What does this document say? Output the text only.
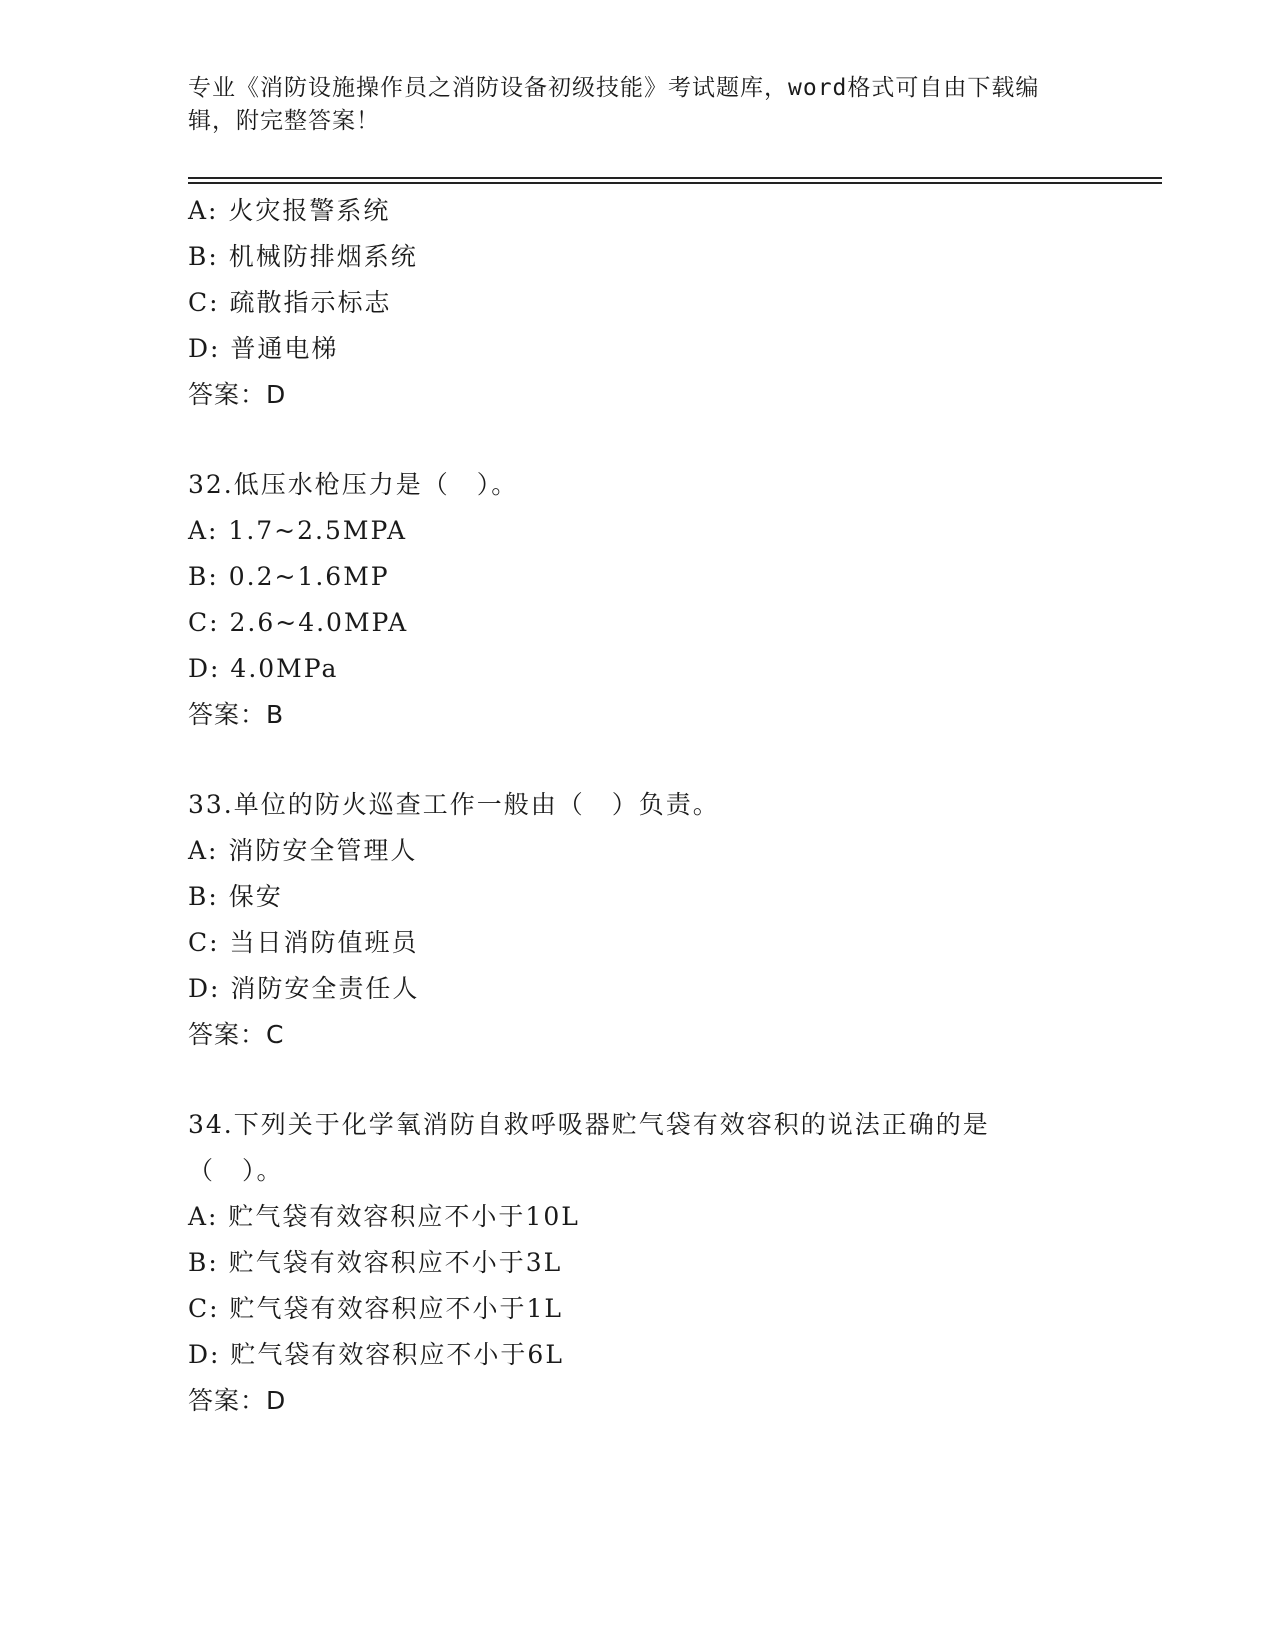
专业《消防设施操作员之消防设备初级技能》考试题库，word格式可自由下载编辑，附完整答案！
A: 火灾报警系统
B: 机械防排烟系统
C: 疏散指示标志
D: 普通电梯
答案：D
32.低压水枪压力是（　）。
A: 1.7~2.5MPA
B: 0.2~1.6MP
C: 2.6~4.0MPA
D: 4.0MPa
答案：B
33.单位的防火巡查工作一般由（　）负责。
A: 消防安全管理人
B: 保安
C: 当日消防值班员
D: 消防安全责任人
答案：C
34.下列关于化学氧消防自救呼吸器贮气袋有效容积的说法正确的是（　）。
A: 贮气袋有效容积应不小于10L
B: 贮气袋有效容积应不小于3L
C: 贮气袋有效容积应不小于1L
D: 贮气袋有效容积应不小于6L
答案：D
